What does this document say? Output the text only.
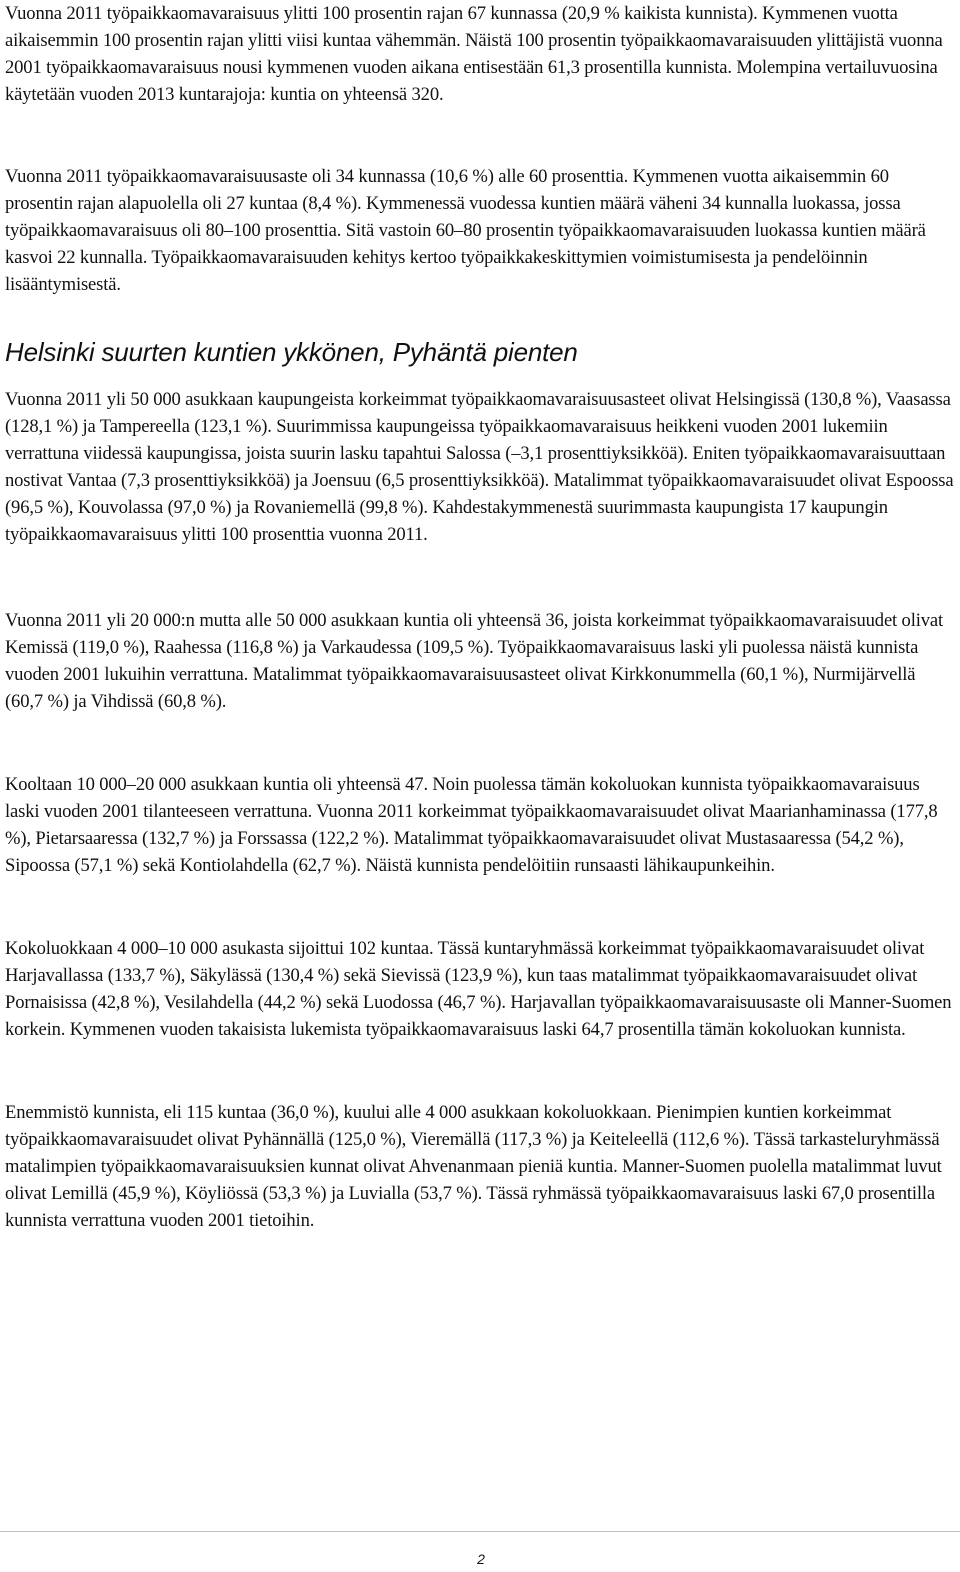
Vuonna 2011 työpaikkaomavaraisuus ylitti 100 prosentin rajan 67 kunnassa (20,9 % kaikista kunnista). Kymmenen vuotta aikaisemmin 100 prosentin rajan ylitti viisi kuntaa vähemmän. Näistä 100 prosentin työpaikkaomavaraisuuden ylittäjistä vuonna 2001 työpaikkaomavaraisuus nousi kymmenen vuoden aikana entisestään 61,3 prosentilla kunnista. Molempina vertailuvuosina käytetään vuoden 2013 kuntarajoja: kuntia on yhteensä 320.

Vuonna 2011 työpaikkaomavaraisuusaste oli 34 kunnassa (10,6 %) alle 60 prosenttia. Kymmenen vuotta aikaisemmin 60 prosentin rajan alapuolella oli 27 kuntaa (8,4 %). Kymmenessä vuodessa kuntien määrä väheni 34 kunnalla luokassa, jossa työpaikkaomavaraisuus oli 80–100 prosenttia. Sitä vastoin 60–80 prosentin työpaikkaomavaraisuuden luokassa kuntien määrä kasvoi 22 kunnalla. Työpaikkaomavaraisuuden kehitys kertoo työpaikkakeskittymien voimistumisesta ja pendelöinnin lisääntymisestä.

Helsinki suurten kuntien ykkönen, Pyhäntä pienten

Vuonna 2011 yli 50 000 asukkaan kaupungeista korkeimmat työpaikkaomavaraisuusasteet olivat Helsingissä (130,8 %), Vaasassa (128,1 %) ja Tampereella (123,1 %). Suurimmissa kaupungeissa työpaikkaomavaraisuus heikkeni vuoden 2001 lukemiin verrattuna viidessä kaupungissa, joista suurin lasku tapahtui Salossa (–3,1 prosenttiyksikköä). Eniten työpaikkaomavaraisuuttaan nostivat Vantaa (7,3 prosenttiyksikköä) ja Joensuu (6,5 prosenttiyksikköä). Matalimmat työpaikkaomavaraisuudet olivat Espoossa (96,5 %), Kouvolassa (97,0 %) ja Rovaniemellä (99,8 %). Kahdestakymmenestä suurimmasta kaupungista 17 kaupungin työpaikkaomavaraisuus ylitti 100 prosenttia vuonna 2011.

Vuonna 2011 yli 20 000:n mutta alle 50 000 asukkaan kuntia oli yhteensä 36, joista korkeimmat työpaikkaomavaraisuudet olivat Kemissä (119,0 %), Raahessa (116,8 %) ja Varkaudessa (109,5 %). Työpaikkaomavaraisuus laski yli puolessa näistä kunnista vuoden 2001 lukuihin verrattuna. Matalimmat työpaikkaomavaraisuusasteet olivat Kirkkonummella (60,1 %), Nurmijärvellä (60,7 %) ja Vihdissä (60,8 %).

Kooltaan 10 000–20 000 asukkaan kuntia oli yhteensä 47. Noin puolessa tämän kokoluokan kunnista työpaikkaomavaraisuus laski vuoden 2001 tilanteeseen verrattuna. Vuonna 2011 korkeimmat työpaikkaomavaraisuudet olivat Maarianhaminassa (177,8 %), Pietarsaaressa (132,7 %) ja Forssassa (122,2 %). Matalimmat työpaikkaomavaraisuudet olivat Mustasaaressa (54,2 %), Sipoossa (57,1 %) sekä Kontiolahdella (62,7 %). Näistä kunnista pendelöitiin runsaasti lähikaupunkeihin.

Kokoluokkaan 4 000–10 000 asukasta sijoittui 102 kuntaa. Tässä kuntaryhmässä korkeimmat työpaikkaomavaraisuudet olivat Harjavallassa (133,7 %), Säkylässä (130,4 %) sekä Sievissä (123,9 %), kun taas matalimmat työpaikkaomavaraisuudet olivat Pornaisissa (42,8 %), Vesilahdella (44,2 %) sekä Luodossa (46,7 %). Harjavallan työpaikkaomavaraisuusaste oli Manner-Suomen korkein. Kymmenen vuoden takaisista lukemista työpaikkaomavaraisuus laski 64,7 prosentilla tämän kokoluokan kunnista.

Enemmistö kunnista, eli 115 kuntaa (36,0 %), kuului alle 4 000 asukkaan kokoluokkaan. Pienimpien kuntien korkeimmat työpaikkaomavaraisuudet olivat Pyhännällä (125,0 %), Vieremällä (117,3 %) ja Keiteleellä (112,6 %). Tässä tarkasteluryhmässä matalimpien työpaikkaomavaraisuuksien kunnat olivat Ahvenanmaan pieniä kuntia. Manner-Suomen puolella matalimmat luvut olivat Lemillä (45,9 %), Köyliössä (53,3 %) ja Luvialla (53,7 %). Tässä ryhmässä työpaikkaomavaraisuus laski 67,0 prosentilla kunnista verrattuna vuoden 2001 tietoihin.

2
